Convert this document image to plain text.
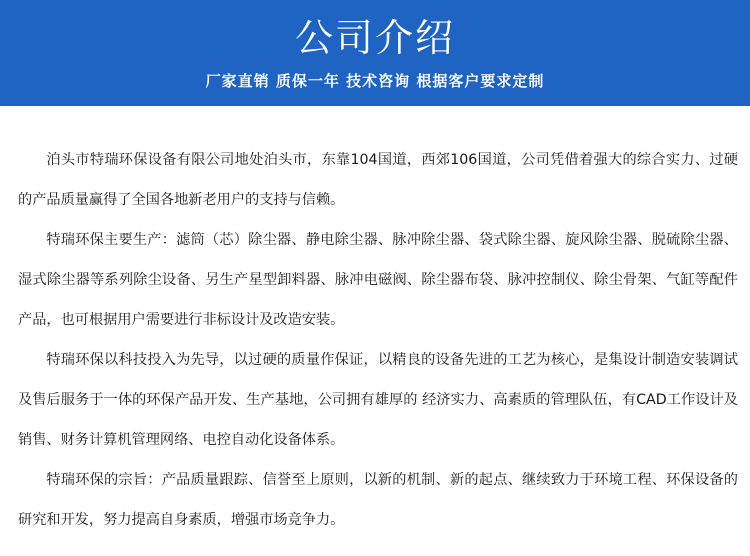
公司介绍
厂家直销 质保一年 技术咨询 根据客户要求定制

泊头市特瑞环保设备有限公司地处泊头市，东靠104国道，西郊106国道，公司凭借着强大的综合实力、过硬的产品质量赢得了全国各地新老用户的支持与信赖。

特瑞环保主要生产：滤筒（芯）除尘器、静电除尘器、脉冲除尘器、袋式除尘器、旋风除尘器、脱硫除尘器、湿式除尘器等系列除尘设备、另生产星型卸料器、脉冲电磁阀、除尘器布袋、脉冲控制仪、除尘骨架、气缸等配件产品，也可根据用户需要进行非标设计及改造安装。

特瑞环保以科技投入为先导，以过硬的质量作保证，以精良的设备先进的工艺为核心，是集设计制造安装调试及售后服务于一体的环保产品开发、生产基地，公司拥有雄厚的 经济实力、高素质的管理队伍，有CAD工作设计及销售、财务计算机管理网络、电控自动化设备体系。

特瑞环保的宗旨：产品质量跟踪、信誉至上原则，以新的机制、新的起点、继续致力于环境工程、环保设备的研究和开发，努力提高自身素质，增强市场竞争力。
